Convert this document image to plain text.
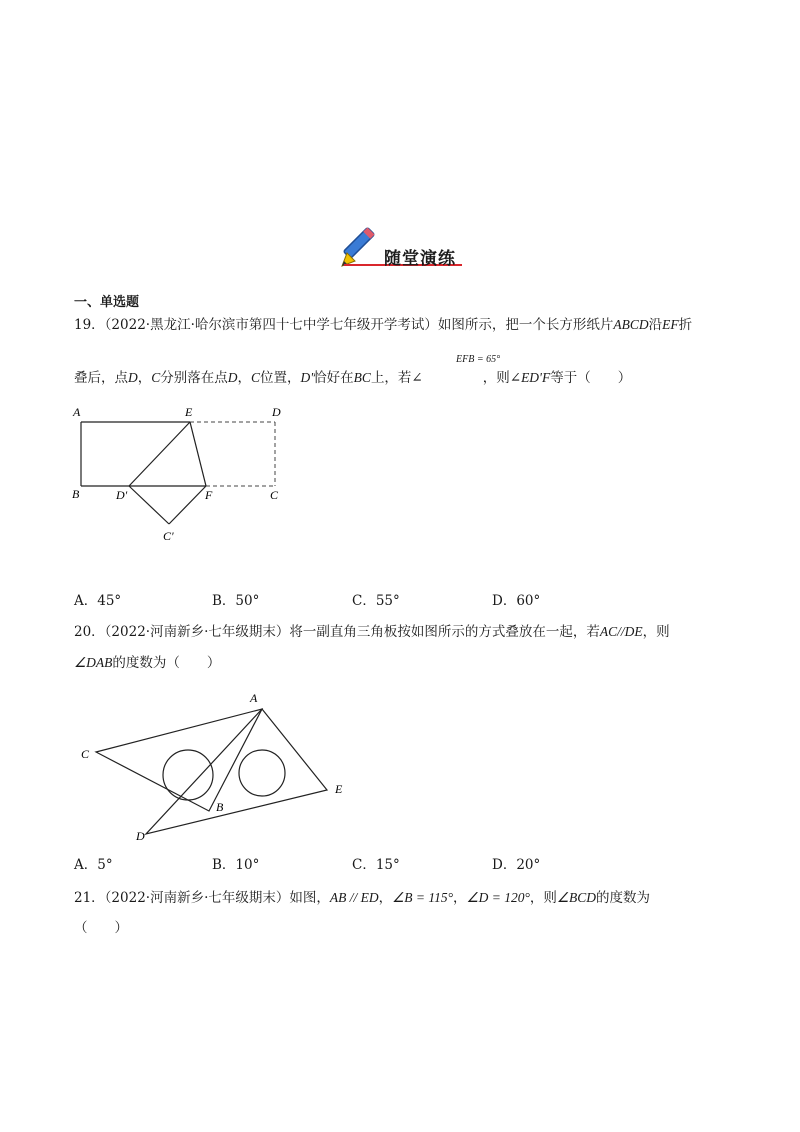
随堂演练
一、单选题
19．（2022·黑龙江·哈尔滨市第四十七中学七年级开学考试）如图所示，把一个长方形纸片ABCD沿EF折
叠后，点D，C分别落在点D，C位置，D'恰好在BC上，若∠	，则∠ED'F等于（　　）
EFB = 65°
A	E	D
B	D'	F	C
C'
A．45°	B．50°	C．55°	D．60°
20．（2022·河南新乡·七年级期末）将一副直角三角板按如图所示的方式叠放在一起，若AC//DE，则
∠DAB的度数为（　　）
A
C
B
E
D
A．5°	B．10°	C．15°	D．20°
21．（2022·河南新乡·七年级期末）如图，AB // ED，∠B = 115°，∠D = 120°，则∠BCD的度数为
（　　）
